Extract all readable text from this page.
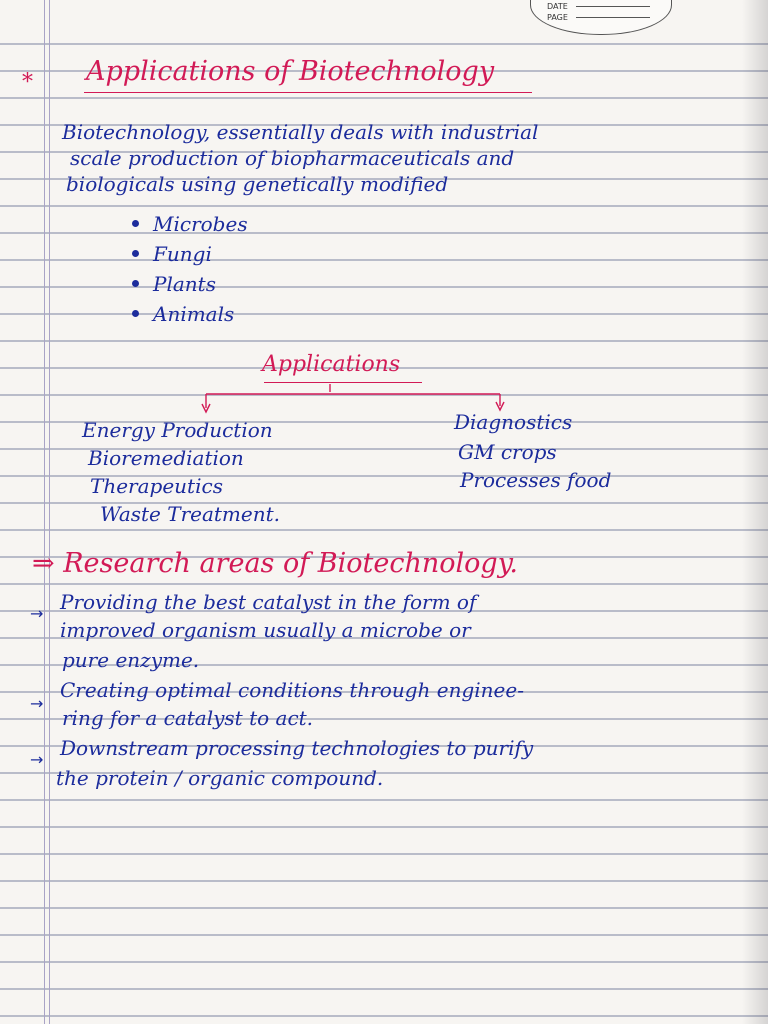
DATE
PAGE
* Applications of Biotechnology
Biotechnology, essentially deals with industrial
scale production of biopharmaceuticals and
biologicals using genetically modified
Microbes
Fungi
Plants
Animals
Applications
Energy Production
Bioremediation
Therapeutics
Waste Treatment.
Diagnostics
GM crops
Processes food
⇒ Research areas of Biotechnology.
→ Providing the best catalyst in the form of
improved organism usually a microbe or
pure enzyme.
→
Creating optimal conditions through enginee-
ring for a catalyst to act.
→ Downstream processing technologies to purify
the protein / organic compound.
